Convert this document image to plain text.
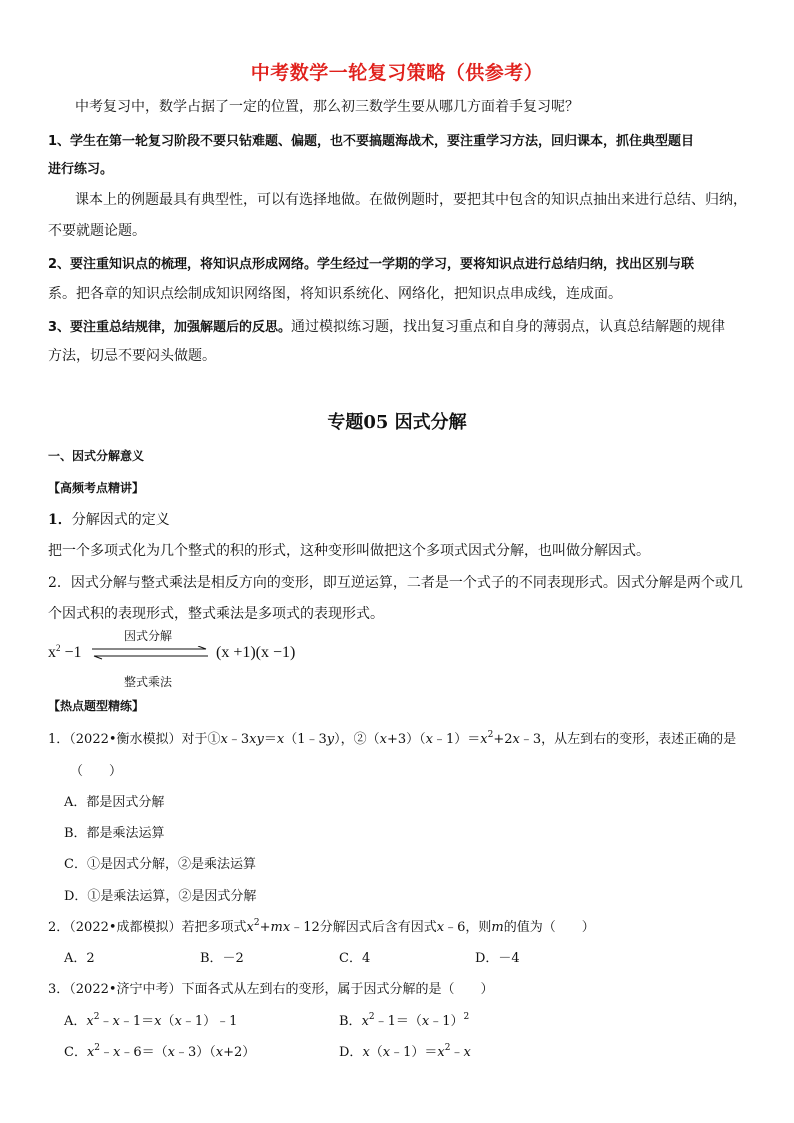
中考数学一轮复习策略（供参考）
中考复习中，数学占据了一定的位置，那么初三数学生要从哪几方面着手复习呢？
1、学生在第一轮复习阶段不要只钻难题、偏题，也不要搞题海战术，要注重学习方法，回归课本，抓住典型题目
进行练习。
课本上的例题最具有典型性，可以有选择地做。在做例题时，要把其中包含的知识点抽出来进行总结、归纳，
不要就题论题。
2、要注重知识点的梳理，将知识点形成网络。学生经过一学期的学习，要将知识点进行总结归纳，找出区别与联
系。把各章的知识点绘制成知识网络图，将知识系统化、网络化，把知识点串成线，连成面。
3、要注重总结规律，加强解题后的反思。通过模拟练习题，找出复习重点和自身的薄弱点，认真总结解题的规律
方法，切忌不要闷头做题。
专题05 因式分解
一、因式分解意义
【高频考点精讲】
1．分解因式的定义
把一个多项式化为几个整式的积的形式，这种变形叫做把这个多项式因式分解，也叫做分解因式。
2．因式分解与整式乘法是相反方向的变形，即互逆运算，二者是一个式子的不同表现形式。因式分解是两个或几
个因式积的表现形式，整式乘法是多项式的表现形式。
$x^2 -1$
因式分解
(x +1)(x −1)
整式乘法
【热点题型精练】
1．（2022•衡水模拟）对于①x﹣3xy＝x（1﹣3y），$②(x+3)(x﹣1)=x^2+2x﹣3$，从左到右的变形，表述正确的是
（　　）
A．都是因式分解
B．都是乘法运算
C．①是因式分解，②是乘法运算
D．①是乘法运算，②是因式分解
2．（2022•成都模拟）若把多项式$x^2+mx﹣12$分解因式后含有因式x﹣6，则m的值为（　　）
A．2	B．－2	C．4	D．－4
3．（2022•济宁中考）下面各式从左到右的变形，属于因式分解的是（　　）
A．$x^2﹣x﹣1=x(x﹣1)﹣1$	B．$x^2﹣1=(x﹣1)^2$
C．$x^2﹣x﹣6=(x﹣3)(x+2)$	D．$x(x﹣1)=x^2﹣x$
